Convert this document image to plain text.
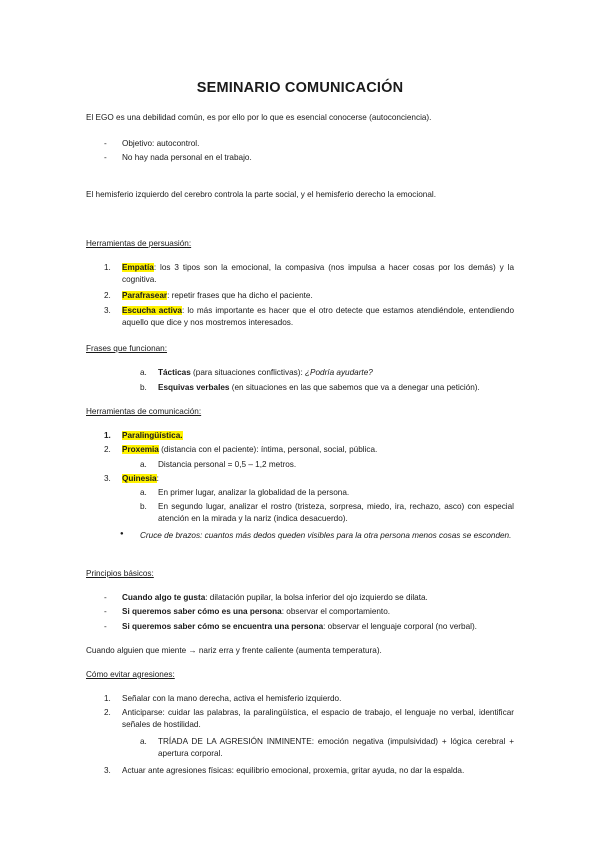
SEMINARIO COMUNICACIÓN
El EGO es una debilidad común, es por ello por lo que es esencial conocerse (autoconciencia).
- Objetivo: autocontrol.
- No hay nada personal en el trabajo.
El hemisferio izquierdo del cerebro controla la parte social, y el hemisferio derecho la emocional.
Herramientas de persuasión:
1. Empatía: los 3 tipos son la emocional, la compasiva (nos impulsa a hacer cosas por los demás) y la cognitiva.
2. Parafrasear: repetir frases que ha dicho el paciente.
3. Escucha activa: lo más importante es hacer que el otro detecte que estamos atendiéndole, entendiendo aquello que dice y nos mostremos interesados.
Frases que funcionan:
a. Tácticas (para situaciones conflictivas): ¿Podría ayudarte?
b. Esquivas verbales (en situaciones en las que sabemos que va a denegar una petición).
Herramientas de comunicación:
1. Paralingüística.
2. Proxemia (distancia con el paciente): íntima, personal, social, pública.
a. Distancia personal = 0,5 – 1,2 metros.
3. Quinesia:
a. En primer lugar, analizar la globalidad de la persona.
b. En segundo lugar, analizar el rostro (tristeza, sorpresa, miedo, ira, rechazo, asco) con especial atención en la mirada y la nariz (indica desacuerdo).
● Cruce de brazos: cuantos más dedos queden visibles para la otra persona menos cosas se esconden.
Principios básicos:
- Cuando algo te gusta: dilatación pupilar, la bolsa inferior del ojo izquierdo se dilata.
- Si queremos saber cómo es una persona: observar el comportamiento.
- Si queremos saber cómo se encuentra una persona: observar el lenguaje corporal (no verbal).
Cuando alguien que miente → nariz erra y frente caliente (aumenta temperatura).
Cómo evitar agresiones:
1. Señalar con la mano derecha, activa el hemisferio izquierdo.
2. Anticiparse: cuidar las palabras, la paralingüística, el espacio de trabajo, el lenguaje no verbal, identificar señales de hostilidad.
a. TRÍADA DE LA AGRESIÓN INMINENTE: emoción negativa (impulsividad) + lógica cerebral + apertura corporal.
3. Actuar ante agresiones físicas: equilibrio emocional, proxemia, gritar ayuda, no dar la espalda.
